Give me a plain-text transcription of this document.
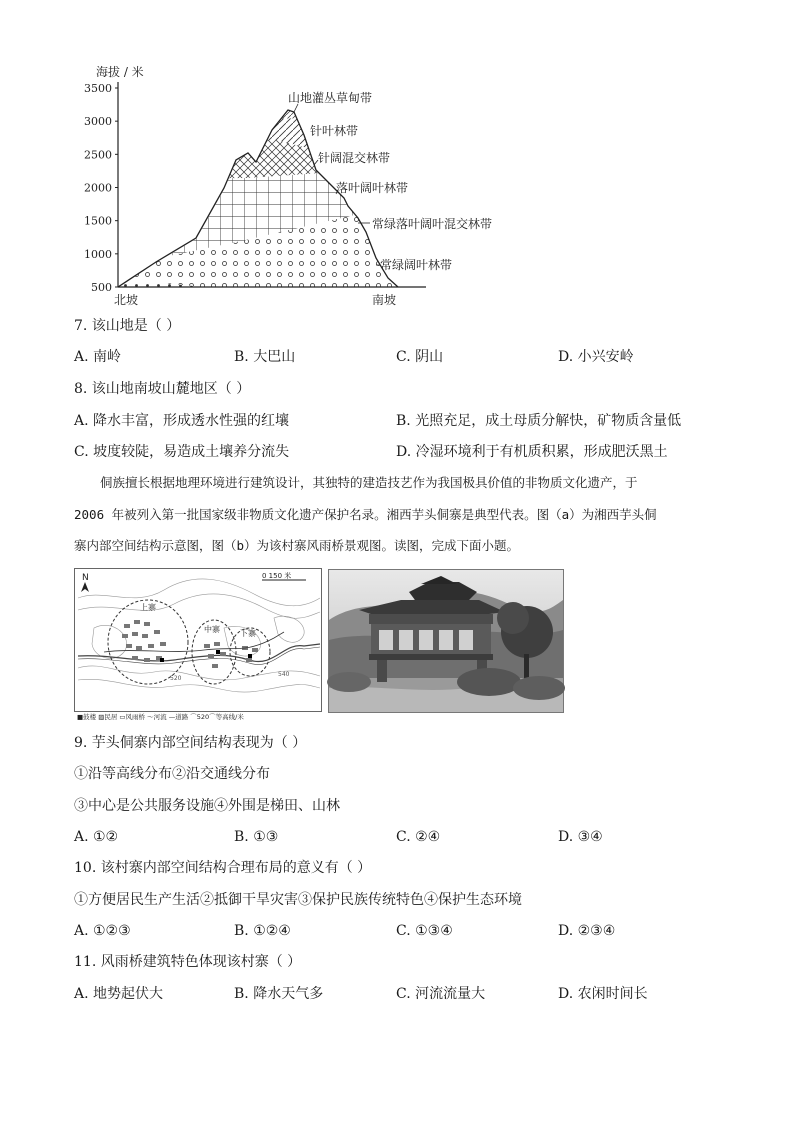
海拔 / 米
500
1000
1500
2000
2500
3000
3500
北坡	南坡
山地灌丛草甸带
针叶林带
针阔混交林带
落叶阔叶林带
常绿落叶阔叶混交林带
常绿阔叶林带
7. 该山地是（ ）
A. 南岭	B. 大巴山	C. 阴山	D. 小兴安岭
8. 该山地南坡山麓地区（ ）
A. 降水丰富，形成透水性强的红壤	B. 光照充足，成土母质分解快，矿物质含量低
C. 坡度较陡，易造成土壤养分流失	D. 冷湿环境利于有机质积累，形成肥沃黑土
侗族擅长根据地理环境进行建筑设计，其独特的建造技艺作为我国极具价值的非物质文化遗产，于
2006 年被列入第一批国家级非物质文化遗产保护名录。湘西芋头侗寨是典型代表。图（a）为湘西芋头侗
寨内部空间结构示意图，图（b）为该村寨风雨桥景观图。读图，完成下面小题。
N	0 150 米
上寨
中寨	下寨
520
540
■鼓楼 ▨民居 ▭风雨桥 ～河流 —道路 ⌒520⌒等高线/米
9. 芋头侗寨内部空间结构表现为（ ）
①沿等高线分布②沿交通线分布
③中心是公共服务设施④外围是梯田、山林
A. ①②	B. ①③	C. ②④	D. ③④
10. 该村寨内部空间结构合理布局的意义有（ ）
①方便居民生产生活②抵御干旱灾害③保护民族传统特色④保护生态环境
A. ①②③	B. ①②④	C. ①③④	D. ②③④
11. 风雨桥建筑特色体现该村寨（ ）
A. 地势起伏大	B. 降水天气多	C. 河流流量大	D. 农闲时间长
